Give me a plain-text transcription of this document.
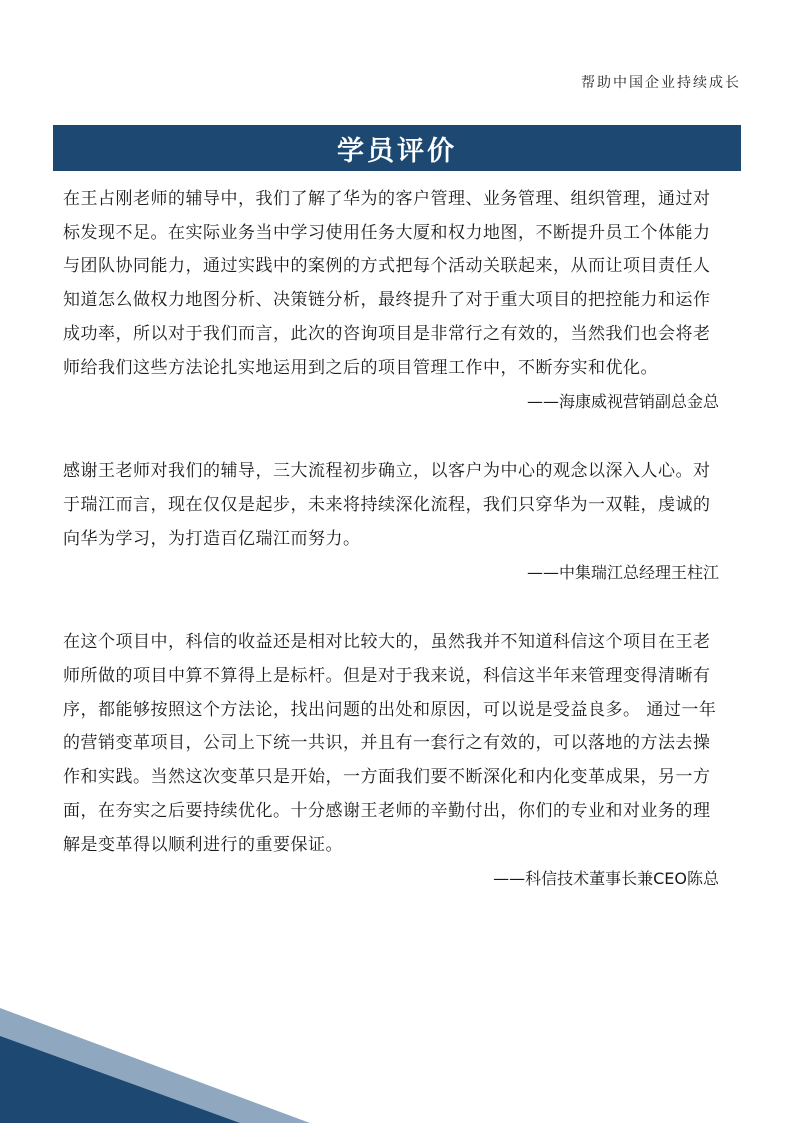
帮助中国企业持续成长
学员评价

在王占刚老师的辅导中，我们了解了华为的客户管理、业务管理、组织管理，通过对标发现不足。在实际业务当中学习使用任务大厦和权力地图，不断提升员工个体能力与团队协同能力，通过实践中的案例的方式把每个活动关联起来，从而让项目责任人知道怎么做权力地图分析、决策链分析，最终提升了对于重大项目的把控能力和运作成功率，所以对于我们而言，此次的咨询项目是非常行之有效的，当然我们也会将老师给我们这些方法论扎实地运用到之后的项目管理工作中，不断夯实和优化。

——海康威视营销副总金总

感谢王老师对我们的辅导，三大流程初步确立，以客户为中心的观念以深入人心。对于瑞江而言，现在仅仅是起步，未来将持续深化流程，我们只穿华为一双鞋，虔诚的向华为学习，为打造百亿瑞江而努力。

——中集瑞江总经理王柱江

在这个项目中，科信的收益还是相对比较大的，虽然我并不知道科信这个项目在王老师所做的项目中算不算得上是标杆。但是对于我来说，科信这半年来管理变得清晰有序，都能够按照这个方法论，找出问题的出处和原因，可以说是受益良多。 通过一年的营销变革项目，公司上下统一共识，并且有一套行之有效的，可以落地的方法去操作和实践。当然这次变革只是开始，一方面我们要不断深化和内化变革成果，另一方面，在夯实之后要持续优化。十分感谢王老师的辛勤付出，你们的专业和对业务的理解是变革得以顺利进行的重要保证。

——科信技术董事长兼CEO陈总
